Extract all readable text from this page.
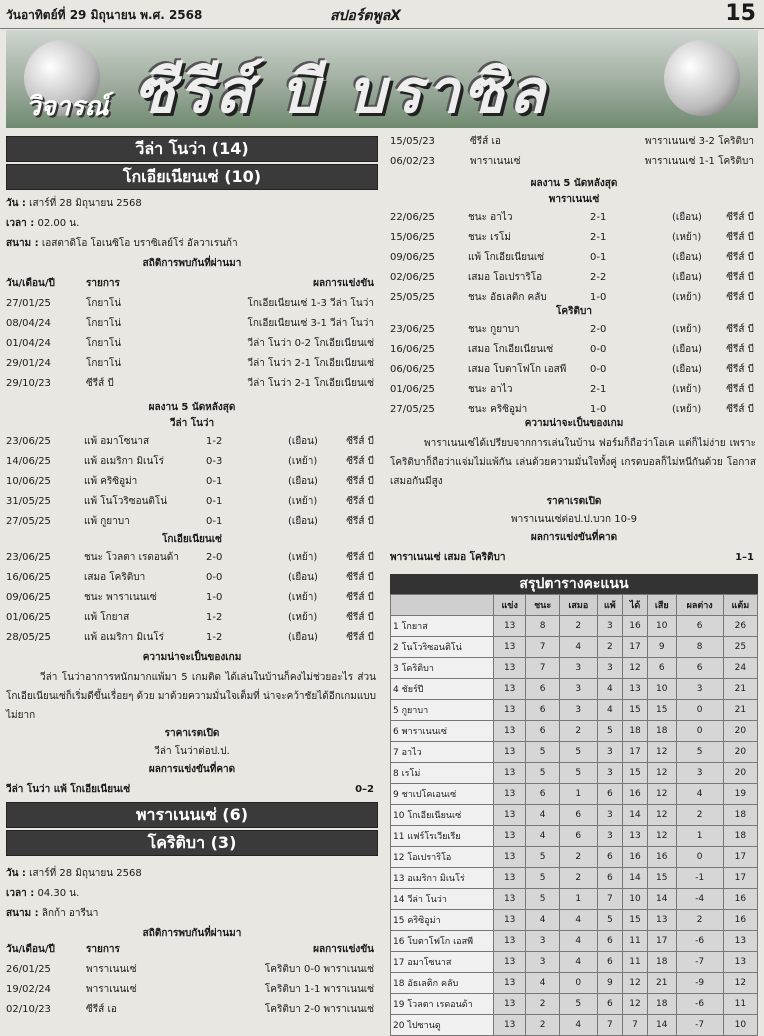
วันอาทิตย์ที่ 29 มิถุนายน พ.ศ. 2568	สปอร์ตพูลX	15
วิจารณ์ ซีรีส์ บี บราซิล
วีล่า โนว่า (14)
โกเอียเนียนเซ่ (10)
วัน : เสาร์ที่ 28 มิถุนายน 2568
เวลา : 02.00 น.
สนาม : เอสตาดิโอ โอเนซิโอ บราซิเลย์โร่ อัลวาเรนก้า
สถิติการพบกันที่ผ่านมา
วัน/เดือน/ปี	รายการ	ผลการแข่งขัน
27/01/25	โกยาโน่	โกเอียเนียนเซ่ 1-3 วีล่า โนว่า
08/04/24	โกยาโน่	โกเอียเนียนเซ่ 3-1 วีล่า โนว่า
01/04/24	โกยาโน่	วีล่า โนว่า 0-2 โกเอียเนียนเซ่
29/01/24	โกยาโน่	วีล่า โนว่า 2-1 โกเอียเนียนเซ่
29/10/23	ซีรีส์ บี	วีล่า โนว่า 2-1 โกเอียเนียนเซ่
ผลงาน 5 นัดหลังสุด
วีล่า โนว่า
23/06/25	แพ้ อมาโซนาส	1-2	(เยือน)	ซีรีส์ บี
14/06/25	แพ้ อเมริกา มิเนโร่	0-3	(เหย้า)	ซีรีส์ บี
10/06/25	แพ้ คริซิอูม่า	0-1	(เยือน)	ซีรีส์ บี
31/05/25	แพ้ โนโวริซอนติโน่	0-1	(เหย้า)	ซีรีส์ บี
27/05/25	แพ้ กูยาบา	0-1	(เยือน)	ซีรีส์ บี
โกเอียเนียนเซ่
23/06/25	ชนะ โวลตา เรดอนด้า	2-0	(เหย้า)	ซีรีส์ บี
16/06/25	เสมอ โคริติบา	0-0	(เยือน)	ซีรีส์ บี
09/06/25	ชนะ พาราเนนเซ่	1-0	(เหย้า)	ซีรีส์ บี
01/06/25	แพ้ โกยาส	1-2	(เหย้า)	ซีรีส์ บี
28/05/25	แพ้ อเมริกา มิเนโร่	1-2	(เยือน)	ซีรีส์ บี
ความน่าจะเป็นของเกม
วีล่า โนว่าอาการหนักมากแพ้มา 5 เกมติด ได้เล่นในบ้านก็คงไม่ช่วยอะไร ส่วนโกเอียเนียนเซ่ก็เริ่มดีขึ้นเรื่อยๆ ด้วย มาด้วยความมั่นใจเต็มที่ น่าจะคว้าชัยได้อีกเกมแบบไม่ยาก
ราคาเรตเปิด
วีล่า โนว่าต่อป.ป.
ผลการแข่งขันที่คาด
วีล่า โนว่า แพ้ โกเอียเนียนเซ่	0–2
พาราเนนเซ่ (6)
โคริติบา (3)
วัน : เสาร์ที่ 28 มิถุนายน 2568
เวลา : 04.30 น.
สนาม : ลิกก้า อารีนา
สถิติการพบกันที่ผ่านมา
วัน/เดือน/ปี	รายการ	ผลการแข่งขัน
26/01/25	พาราเนนเซ่	โคริติบา 0-0 พาราเนนเซ่
19/02/24	พาราเนนเซ่	โคริติบา 1-1 พาราเนนเซ่
02/10/23	ซีรีส์ เอ	โคริติบา 2-0 พาราเนนเซ่
15/05/23	ซีรีส์ เอ	พาราเนนเซ่ 3-2 โคริติบา
06/02/23	พาราเนนเซ่	พาราเนนเซ่ 1-1 โคริติบา
ผลงาน 5 นัดหลังสุด
พาราเนนเซ่
22/06/25	ชนะ อาไว	2-1	(เยือน) ซีรีส์ บี
15/06/25	ชนะ เรโม่	2-1	(เหย้า) ซีรีส์ บี
09/06/25	แพ้ โกเอียเนียนเซ่	0-1	(เยือน) ซีรีส์ บี
02/06/25	เสมอ โอเปราริโอ	2-2	(เยือน) ซีรีส์ บี
25/05/25	ชนะ อัธเลติก คลับ	1-0	(เหย้า) ซีรีส์ บี
โคริติบา
23/06/25	ชนะ กูยาบา	2-0	(เหย้า) ซีรีส์ บี
16/06/25	เสมอ โกเอียเนียนเซ่	0-0	(เยือน) ซีรีส์ บี
06/06/25	เสมอ โบตาโฟโก เอสพี 0-0	(เยือน) ซีรีส์ บี
01/06/25	ชนะ อาไว	2-1	(เหย้า) ซีรีส์ บี
27/05/25	ชนะ คริซิอูม่า	1-0	(เหย้า) ซีรีส์ บี
ความน่าจะเป็นของเกม
พาราเนนเซ่ได้เปรียบจากการเล่นในบ้าน ฟอร์มก็ถือว่าโอเค แต่ก็ไม่ง่าย เพราะโคริติบาก็ถือว่าแจ่มไม่แพ้กัน เล่นด้วยความมั่นใจทั้งคู่ เกรดบอลก็ไม่หนีกันด้วย โอกาสเสมอกันมีสูง
ราคาเรตเปิด
พาราเนนเซ่ต่อป.ป.บวก 10-9
ผลการแข่งขันที่คาด
พาราเนนเซ่ เสมอ โคริติบา	1–1
สรุปตารางคะแนน
	แข่ง	ชนะ	เสมอ	แพ้	ได้	เสีย	ผลต่าง	แต้ม
1 โกยาส	13	8	2	3	16	10	6	26
2 โนโวริซอนติโน่	13	7	4	2	17	9	8	25
3 โคริติบา	13	7	3	3	12	6	6	24
4 ชัยร์ปี	13	6	3	4	13	10	3	21
5 กูยาบา	13	6	3	4	15	15	0	21
6 พาราเนนเซ่	13	6	2	5	18	18	0	20
7 อาไว	13	5	5	3	17	12	5	20
8 เรโม่	13	5	5	3	15	12	3	20
9 ชาเปโคเอนเซ่	13	6	1	6	16	12	4	19
10 โกเอียเนียนเซ่	13	4	6	3	14	12	2	18
11 แฟร์โรเวียเรีย	13	4	6	3	13	12	1	18
12 โอเปราริโอ	13	5	2	6	16	16	0	17
13 อเมริกา มิเนโร่	13	5	2	6	14	15	-1	17
14 วีล่า โนว่า	13	5	1	7	10	14	-4	16
15 คริซิอูม่า	13	4	4	5	15	13	2	16
16 โบตาโฟโก เอสพี	13	3	4	6	11	17	-6	13
17 อมาโซนาส	13	3	4	6	11	18	-7	13
18 อัธเลติก คลับ	13	4	0	9	12	21	-9	12
19 โวลตา เรดอนด้า	13	2	5	6	12	18	-6	11
20 ไปซานดู	13	2	4	7	7	14	-7	10
